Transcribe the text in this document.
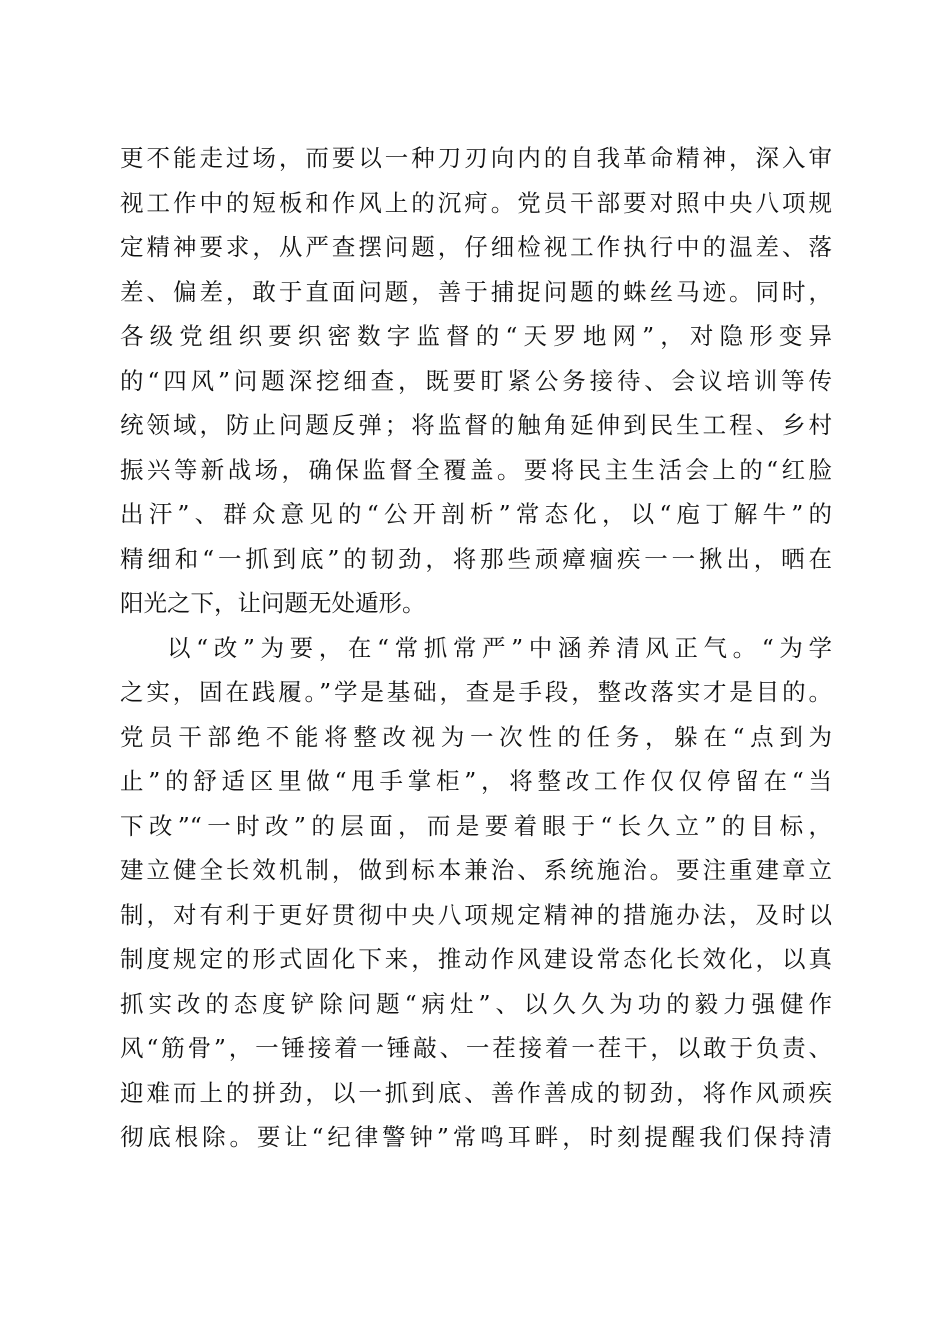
更不能走过场，而要以一种刀刃向内的自我革命精神，深入审
视工作中的短板和作风上的沉疴。党员干部要对照中央八项规
定精神要求，从严查摆问题，仔细检视工作执行中的温差、落
差、偏差，敢于直面问题，善于捕捉问题的蛛丝马迹。同时，
各级党组织要织密数字监督的“天罗地网”，对隐形变异
的“四风”问题深挖细查，既要盯紧公务接待、会议培训等传
统领域，防止问题反弹；将监督的触角延伸到民生工程、乡村
振兴等新战场，确保监督全覆盖。要将民主生活会上的“红脸
出汗”、群众意见的“公开剖析”常态化，以“庖丁解牛”的
精细和“一抓到底”的韧劲，将那些顽瘴痼疾一一揪出，晒在
阳光之下，让问题无处遁形。
以“改”为要，在“常抓常严”中涵养清风正气。“为学
之实，固在践履。”学是基础，查是手段，整改落实才是目的。
党员干部绝不能将整改视为一次性的任务，躲在“点到为
止”的舒适区里做“甩手掌柜”，将整改工作仅仅停留在“当
下改”“一时改”的层面，而是要着眼于“长久立”的目标，
建立健全长效机制，做到标本兼治、系统施治。要注重建章立
制，对有利于更好贯彻中央八项规定精神的措施办法，及时以
制度规定的形式固化下来，推动作风建设常态化长效化，以真
抓实改的态度铲除问题“病灶”、以久久为功的毅力强健作
风“筋骨”，一锤接着一锤敲、一茬接着一茬干，以敢于负责、
迎难而上的拼劲，以一抓到底、善作善成的韧劲，将作风顽疾
彻底根除。要让“纪律警钟”常鸣耳畔，时刻提醒我们保持清
